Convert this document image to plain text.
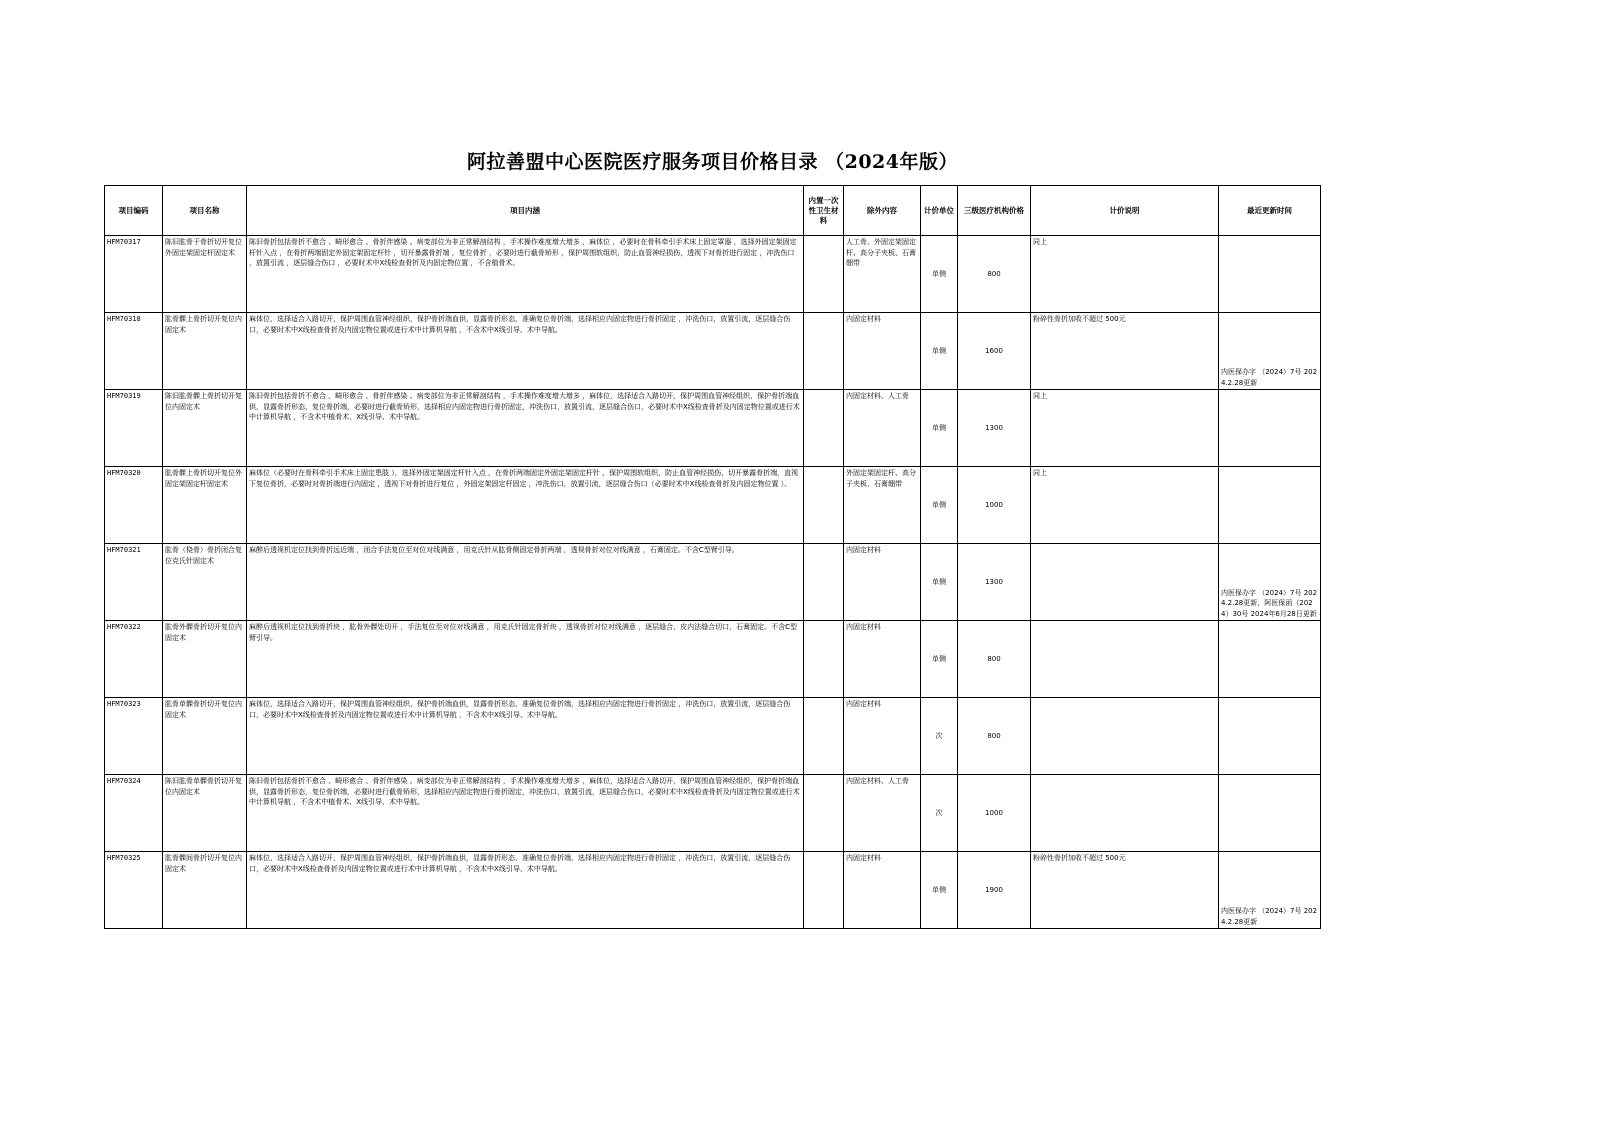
阿拉善盟中心医院医疗服务项目价格目录 （2024年版）
项目编码	项目名称	项目内涵	内置一次性卫生材料	除外内容	计价单位	三级医疗机构价格	计价说明	最近更新时间
HFM70317	陈旧肱骨干骨折切开复位外固定架固定杆固定术	陈旧骨折包括骨折不愈合 、畸形愈合 、骨折伴感染 。病变部位为非正常解剖结构 ，手术操作难度增大增多 ，麻体位 ，必要时在骨科牵引手术床上固定罩器 ，选择外固定架固定杆针入点 ，在骨折两端固定外固定架固定杆针 ，切开暴露骨折端 ，复位骨折 ，必要时进行截骨矫形 ，保护周围软组织，防止血管神经损伤，透视下对骨折进行固定 ，冲洗伤口 ，放置引流 ，逐层缝合伤口 ，必要时术中X线检查骨折及内固定物位置 ，不含植骨术。		人工骨、外固定架固定杆、高分子夹板、石膏绷带	单侧	800	同上	
HFM70318	肱骨髁上骨折切开复位内固定术	麻体位，选择适合入路切开，保护周围血管神经组织，保护骨折端血供，显露骨折形态，准确复位骨折端，选择相应内固定物进行骨折固定 ，冲洗伤口，放置引流，逐层缝合伤口，必要时术中X线检查骨折及内固定物位置或进行术中计算机导航 ，不含术中X线引导、术中导航。		内固定材料	单侧	1600	粉碎性骨折加收不超过 500元	内医保办字 （2024）7号 2024.2.28更新
HFM70319	陈旧肱骨髁上骨折切开复位内固定术	陈旧骨折包括骨折不愈合 、畸形愈合 、骨折伴感染 。病变部位为非正常解剖结构 ，手术操作难度增大增多 ，麻体位，选择适合入路切开，保护周围血管神经组织，保护骨折端血供，显露骨折形态，复位骨折端，必要时进行截骨矫形，选择相应内固定物进行骨折固定，冲洗伤口，放置引流，逐层缝合伤口，必要时术中X线检查骨折及内固定物位置或进行术中计算机导航 ，不含术中植骨术、X线引导、术中导航。		内固定材料、人工骨	单侧	1300	同上	
HFM70320	肱骨髁上骨折切开复位外固定架固定杆固定术	麻体位（必要时在骨科牵引手术床上固定患肢 ），选择外固定架固定杆针入点 ，在骨折两端固定外固定架固定杆针 ，保护周围软组织，防止血管神经损伤，切开暴露骨折端，直视下复位骨折，必要时对骨折端进行内固定 ，透视下对骨折进行复位 ，外固定架固定杆固定 ，冲洗伤口，放置引流，逐层缝合伤口（必要时术中X线检查骨折及内固定物位置 ）。		外固定架固定杆、高分子夹板、石膏绷带	单侧	1000	同上	
HFM70321	肱骨（桡骨）骨折闭合复位克氏针固定术	麻醉后透视机定位找到骨折远近端 ，闭合手法复位至对位对线满意 ，用克氏针从肱骨侧固定骨折两端 ，透视骨折对位对线满意 ，石膏固定。不含C型臂引导。		内固定材料	单侧	1300		内医保办字 （2024）7号 2024.2.28更新，阿医保函（2024）30号 2024年6月28日更新
HFM70322	肱骨外髁骨折切开复位内固定术	麻醉后透视机定位找到骨折块 ，肱骨外髁处切开 ，手法复位至对位对线满意 ，用克氏针固定骨折块 ，透视骨折对位对线满意 ，逐层缝合，皮内法缝合切口，石膏固定。不含C型臂引导。		内固定材料	单侧	800		
HFM70323	肱骨单髁骨折切开复位内固定术	麻体位，选择适合入路切开，保护周围血管神经组织，保护骨折端血供，显露骨折形态，准确复位骨折端，选择相应内固定物进行骨折固定 ，冲洗伤口，放置引流，逐层缝合伤口，必要时术中X线检查骨折及内固定物位置或进行术中计算机导航 ，不含术中X线引导、术中导航。		内固定材料	次	800		
HFM70324	陈旧肱骨单髁骨折切开复位内固定术	陈旧骨折包括骨折不愈合 、畸形愈合 、骨折伴感染 。病变部位为非正常解剖结构 ，手术操作难度增大增多 ，麻体位，选择适合入路切开，保护周围血管神经组织，保护骨折端血供，显露骨折形态，复位骨折端，必要时进行截骨矫形，选择相应内固定物进行骨折固定，冲洗伤口，放置引流，逐层缝合伤口，必要时术中X线检查骨折及内固定物位置或进行术中计算机导航 ，不含术中植骨术、X线引导、术中导航。		内固定材料、人工骨	次	1000		
HFM70325	肱骨髁间骨折切开复位内固定术	麻体位，选择适合入路切开，保护周围血管神经组织，保护骨折端血供，显露骨折形态，准确复位骨折端，选择相应内固定物进行骨折固定 ，冲洗伤口，放置引流，逐层缝合伤口，必要时术中X线检查骨折及内固定物位置或进行术中计算机导航 ，不含术中X线引导、术中导航。		内固定材料	单侧	1900	粉碎性骨折加收不超过 500元	内医保办字 （2024）7号 2024.2.28更新
